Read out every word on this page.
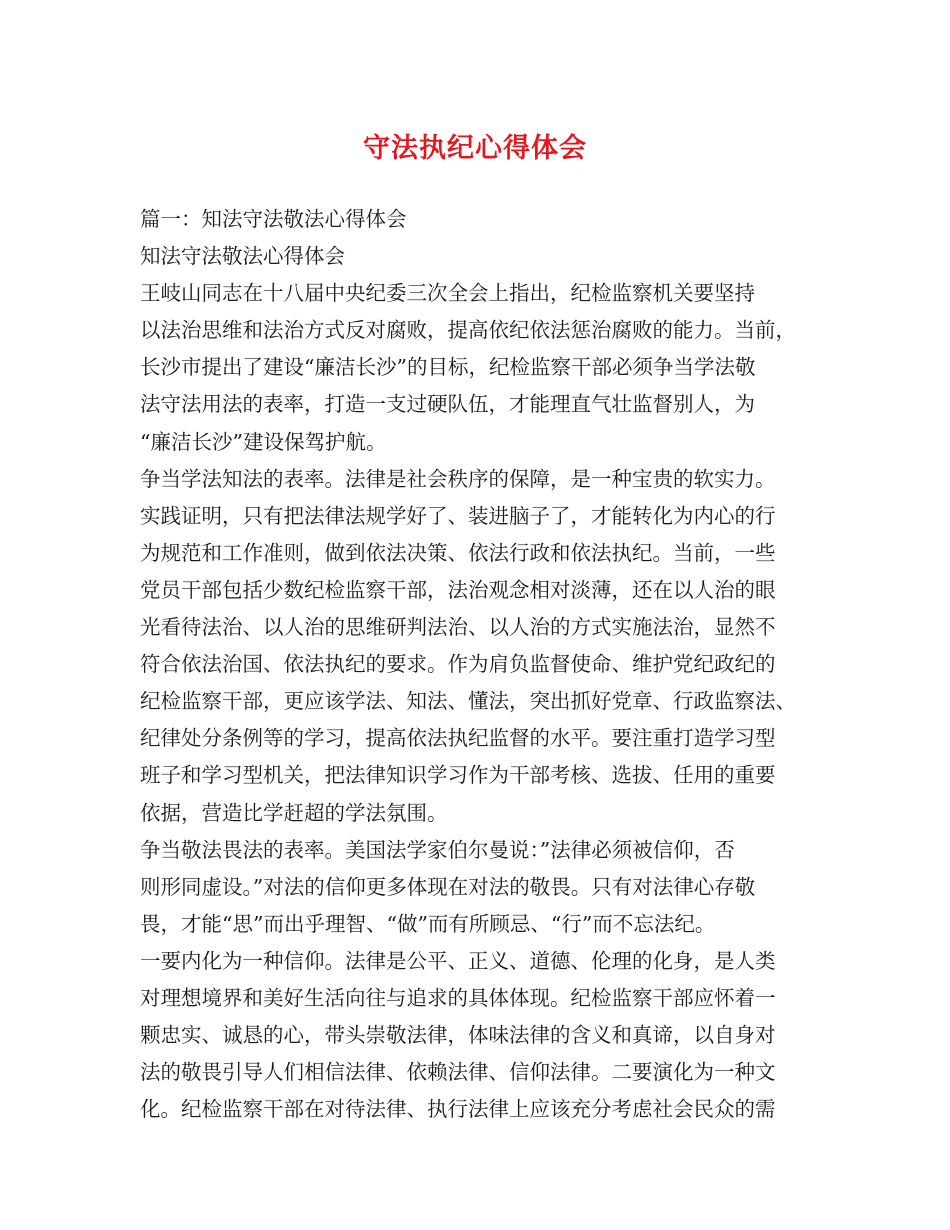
守法执纪心得体会
篇一：知法守法敬法心得体会
知法守法敬法心得体会
王岐山同志在十八届中央纪委三次全会上指出，纪检监察机关要坚持
以法治思维和法治方式反对腐败，提高依纪依法惩治腐败的能力。当前，
长沙市提出了建设“廉洁长沙”的目标，纪检监察干部必须争当学法敬
法守法用法的表率，打造一支过硬队伍，才能理直气壮监督别人，为
“廉洁长沙”建设保驾护航。
争当学法知法的表率。法律是社会秩序的保障，是一种宝贵的软实力。
实践证明，只有把法律法规学好了、装进脑子了，才能转化为内心的行
为规范和工作准则，做到依法决策、依法行政和依法执纪。当前，一些
党员干部包括少数纪检监察干部，法治观念相对淡薄，还在以人治的眼
光看待法治、以人治的思维研判法治、以人治的方式实施法治，显然不
符合依法治国、依法执纪的要求。作为肩负监督使命、维护党纪政纪的
纪检监察干部，更应该学法、知法、懂法，突出抓好党章、行政监察法、
纪律处分条例等的学习，提高依法执纪监督的水平。要注重打造学习型
班子和学习型机关，把法律知识学习作为干部考核、选拔、任用的重要
依据，营造比学赶超的学法氛围。
争当敬法畏法的表率。美国法学家伯尔曼说：”法律必须被信仰，否
则形同虚设。”对法的信仰更多体现在对法的敬畏。只有对法律心存敬
畏，才能“思”而出乎理智、“做”而有所顾忌、“行”而不忘法纪。
一要内化为一种信仰。法律是公平、正义、道德、伦理的化身，是人类
对理想境界和美好生活向往与追求的具体体现。纪检监察干部应怀着一
颗忠实、诚恳的心，带头崇敬法律，体味法律的含义和真谛，以自身对
法的敬畏引导人们相信法律、依赖法律、信仰法律。二要演化为一种文
化。纪检监察干部在对待法律、执行法律上应该充分考虑社会民众的需
